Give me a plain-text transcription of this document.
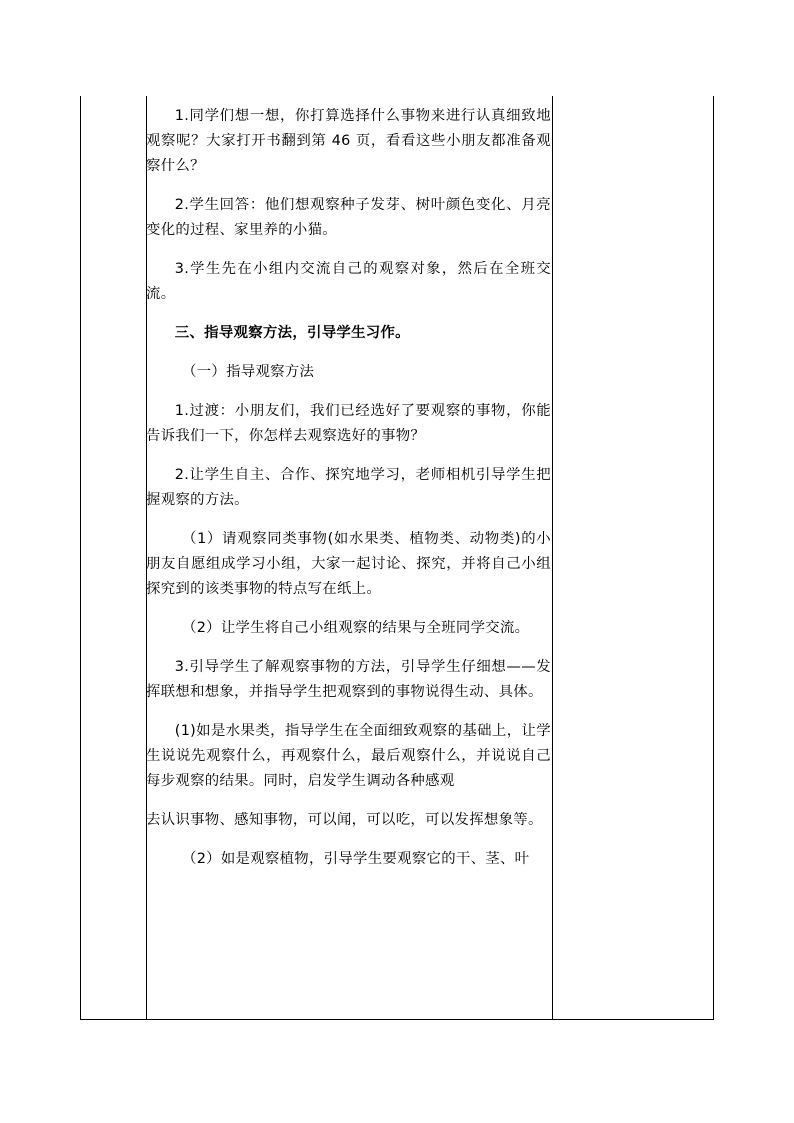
1.同学们想一想，你打算选择什么事物来进行认真细致地观察呢？大家打开书翻到第 46 页，看看这些小朋友都准备观察什么？

2.学生回答：他们想观察种子发芽、树叶颜色变化、月亮变化的过程、家里养的小猫。

3.学生先在小组内交流自己的观察对象，然后在全班交流。

三、指导观察方法，引导学生习作。

（一）指导观察方法

1.过渡：小朋友们，我们已经选好了要观察的事物，你能告诉我们一下，你怎样去观察选好的事物？

2.让学生自主、合作、探究地学习，老师相机引导学生把握观察的方法。

（1）请观察同类事物(如水果类、植物类、动物类)的小朋友自愿组成学习小组，大家一起讨论、探究，并将自己小组探究到的该类事物的特点写在纸上。

（2）让学生将自己小组观察的结果与全班同学交流。

3.引导学生了解观察事物的方法，引导学生仔细想——发挥联想和想象，并指导学生把观察到的事物说得生动、具体。

(1)如是水果类，指导学生在全面细致观察的基础上，让学生说说先观察什么，再观察什么，最后观察什么，并说说自己每步观察的结果。同时，启发学生调动各种感观

去认识事物、感知事物，可以闻，可以吃，可以发挥想象等。

（2）如是观察植物，引导学生要观察它的干、茎、叶
